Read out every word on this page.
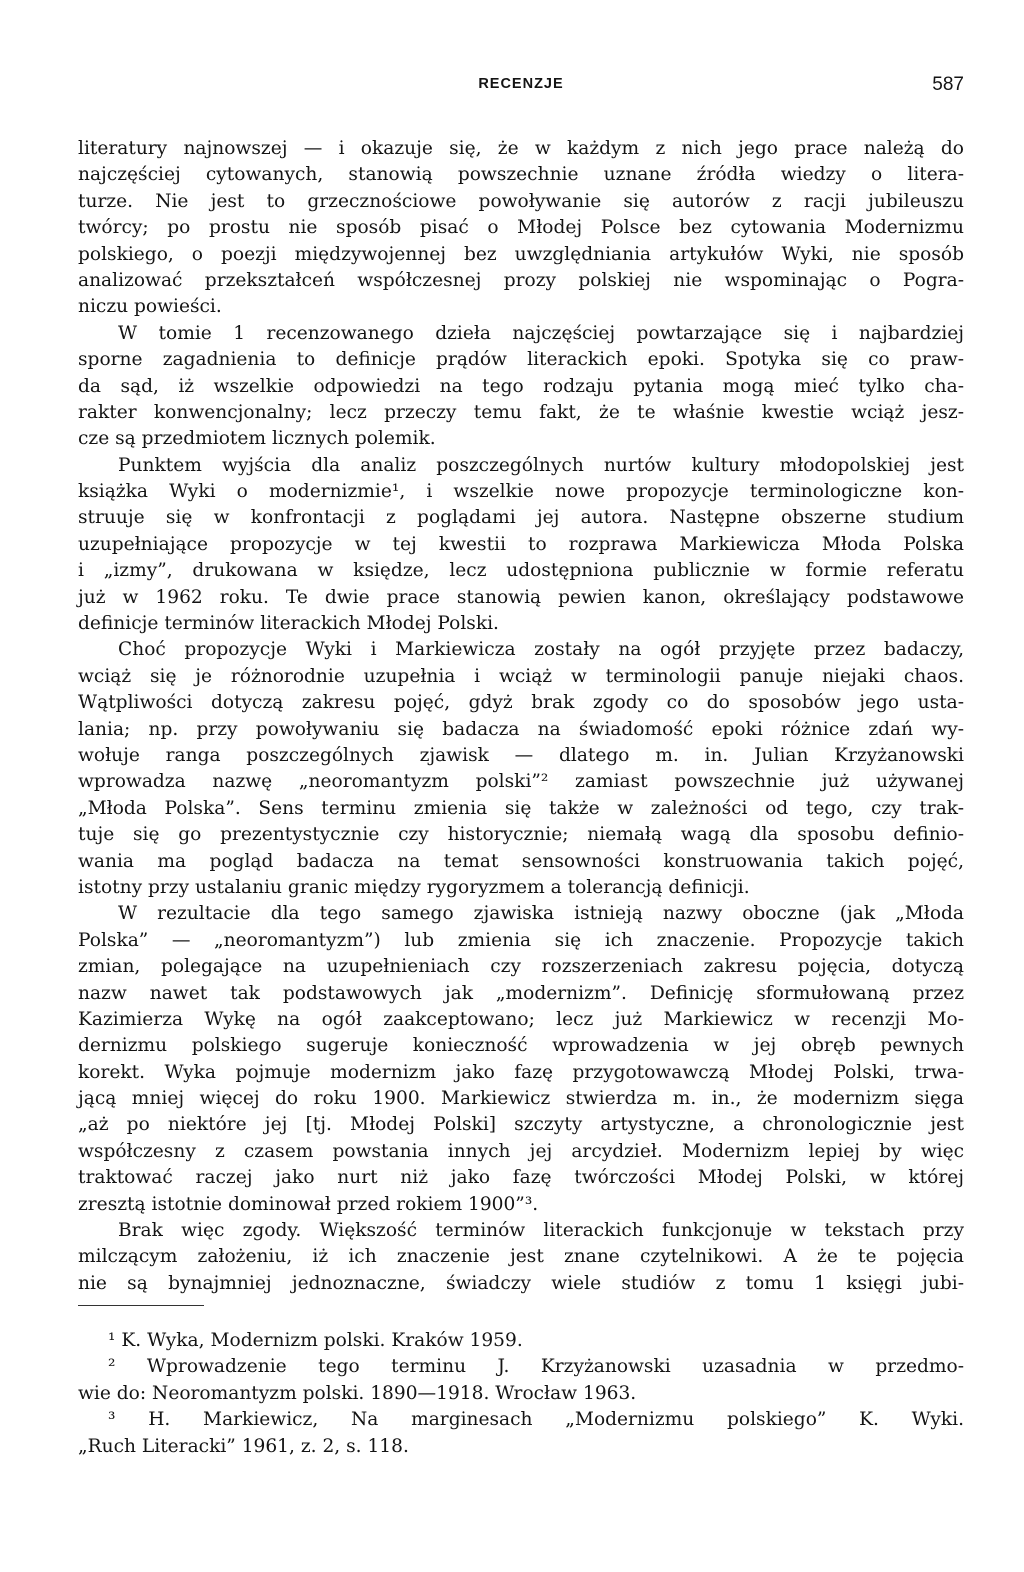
RECENZJE	587
literatury najnowszej — i okazuje się, że w każdym z nich jego prace należą do
najczęściej cytowanych, stanowią powszechnie uznane źródła wiedzy o litera-
turze. Nie jest to grzecznościowe powoływanie się autorów z racji jubileuszu
twórcy; po prostu nie sposób pisać o Młodej Polsce bez cytowania Modernizmu
polskiego, o poezji międzywojennej bez uwzględniania artykułów Wyki, nie sposób
analizować przekształceń współczesnej prozy polskiej nie wspominając o Pogra-
niczu powieści.
W tomie 1 recenzowanego dzieła najczęściej powtarzające się i najbardziej
sporne zagadnienia to definicje prądów literackich epoki. Spotyka się co praw-
da sąd, iż wszelkie odpowiedzi na tego rodzaju pytania mogą mieć tylko cha-
rakter konwencjonalny; lecz przeczy temu fakt, że te właśnie kwestie wciąż jesz-
cze są przedmiotem licznych polemik.
Punktem wyjścia dla analiz poszczególnych nurtów kultury młodopolskiej jest
książka Wyki o modernizmie¹, i wszelkie nowe propozycje terminologiczne kon-
struuje się w konfrontacji z poglądami jej autora. Następne obszerne studium
uzupełniające propozycje w tej kwestii to rozprawa Markiewicza Młoda Polska
i „izmy”, drukowana w księdze, lecz udostępniona publicznie w formie referatu
już w 1962 roku. Te dwie prace stanowią pewien kanon, określający podstawowe
definicje terminów literackich Młodej Polski.
Choć propozycje Wyki i Markiewicza zostały na ogół przyjęte przez badaczy,
wciąż się je różnorodnie uzupełnia i wciąż w terminologii panuje niejaki chaos.
Wątpliwości dotyczą zakresu pojęć, gdyż brak zgody co do sposobów jego usta-
lania; np. przy powoływaniu się badacza na świadomość epoki różnice zdań wy-
wołuje ranga poszczególnych zjawisk — dlatego m. in. Julian Krzyżanowski
wprowadza nazwę „neoromantyzm polski”² zamiast powszechnie już używanej
„Młoda Polska”. Sens terminu zmienia się także w zależności od tego, czy trak-
tuje się go prezentystycznie czy historycznie; niemałą wagą dla sposobu definio-
wania ma pogląd badacza na temat sensowności konstruowania takich pojęć,
istotny przy ustalaniu granic między rygoryzmem a tolerancją definicji.
W rezultacie dla tego samego zjawiska istnieją nazwy oboczne (jak „Młoda
Polska” — „neoromantyzm”) lub zmienia się ich znaczenie. Propozycje takich
zmian, polegające na uzupełnieniach czy rozszerzeniach zakresu pojęcia, dotyczą
nazw nawet tak podstawowych jak „modernizm”. Definicję sformułowaną przez
Kazimierza Wykę na ogół zaakceptowano; lecz już Markiewicz w recenzji Mo-
dernizmu polskiego sugeruje konieczność wprowadzenia w jej obręb pewnych
korekt. Wyka pojmuje modernizm jako fazę przygotowawczą Młodej Polski, trwa-
jącą mniej więcej do roku 1900. Markiewicz stwierdza m. in., że modernizm sięga
„aż po niektóre jej [tj. Młodej Polski] szczyty artystyczne, a chronologicznie jest
współczesny z czasem powstania innych jej arcydzieł. Modernizm lepiej by więc
traktować raczej jako nurt niż jako fazę twórczości Młodej Polski, w której
zresztą istotnie dominował przed rokiem 1900”³.
Brak więc zgody. Większość terminów literackich funkcjonuje w tekstach przy
milczącym założeniu, iż ich znaczenie jest znane czytelnikowi. A że te pojęcia
nie są bynajmniej jednoznaczne, świadczy wiele studiów z tomu 1 księgi jubi-
¹ K. Wyka, Modernizm polski. Kraków 1959.
² Wprowadzenie tego terminu J. Krzyżanowski uzasadnia w przedmo-
wie do: Neoromantyzm polski. 1890—1918. Wrocław 1963.
³ H. Markiewicz, Na marginesach „Modernizmu polskiego” K. Wyki.
„Ruch Literacki” 1961, z. 2, s. 118.
